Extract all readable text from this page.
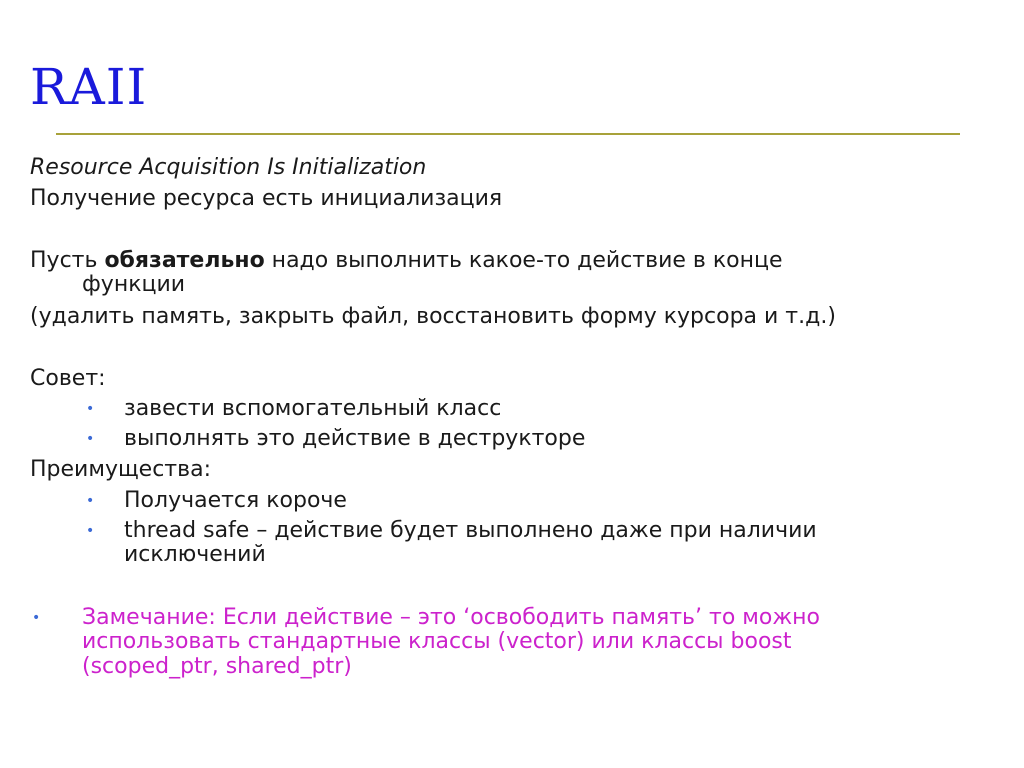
RAII
Resource Acquisition Is Initialization
Получение ресурса есть инициализация
Пусть обязательно надо выполнить какое-то действие в конце
функции
(удалить память, закрыть файл, восстановить форму курсора и т.д.)
Совет:
• завести вспомогательный класс
• выполнять это действие в деструкторе
Преимущества:
• Получается короче
• thread safe – действие будет выполнено даже при наличии
исключений
• Замечание: Если действие – это ‘освободить память’ то можно
использовать стандартные классы (vector) или классы boost
(scoped_ptr, shared_ptr)
